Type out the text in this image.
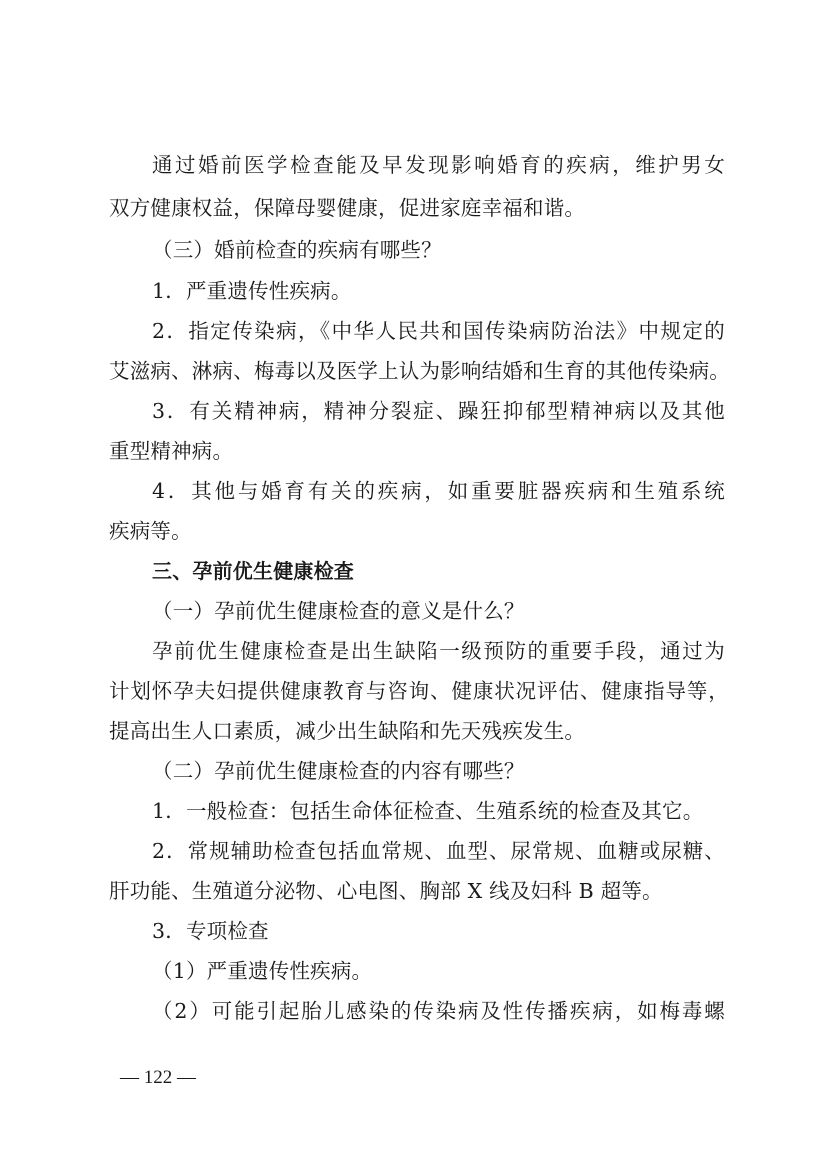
通过婚前医学检查能及早发现影响婚育的疾病，维护男女
双方健康权益，保障母婴健康，促进家庭幸福和谐。
（三）婚前检查的疾病有哪些？
1．严重遗传性疾病。
2．指定传染病，《中华人民共和国传染病防治法》中规定的
艾滋病、淋病、梅毒以及医学上认为影响结婚和生育的其他传染病。
3．有关精神病，精神分裂症、躁狂抑郁型精神病以及其他
重型精神病。
4．其他与婚育有关的疾病，如重要脏器疾病和生殖系统
疾病等。
三、孕前优生健康检查
（一）孕前优生健康检查的意义是什么？
孕前优生健康检查是出生缺陷一级预防的重要手段，通过为
计划怀孕夫妇提供健康教育与咨询、健康状况评估、健康指导等，
提高出生人口素质，减少出生缺陷和先天残疾发生。
（二）孕前优生健康检查的内容有哪些？
1．一般检查：包括生命体征检查、生殖系统的检查及其它。
2．常规辅助检查包括血常规、血型、尿常规、血糖或尿糖、
肝功能、生殖道分泌物、心电图、胸部 X 线及妇科 B 超等。
3．专项检查
（1）严重遗传性疾病。
（2）可能引起胎儿感染的传染病及性传播疾病，如梅毒螺
— 122 —
